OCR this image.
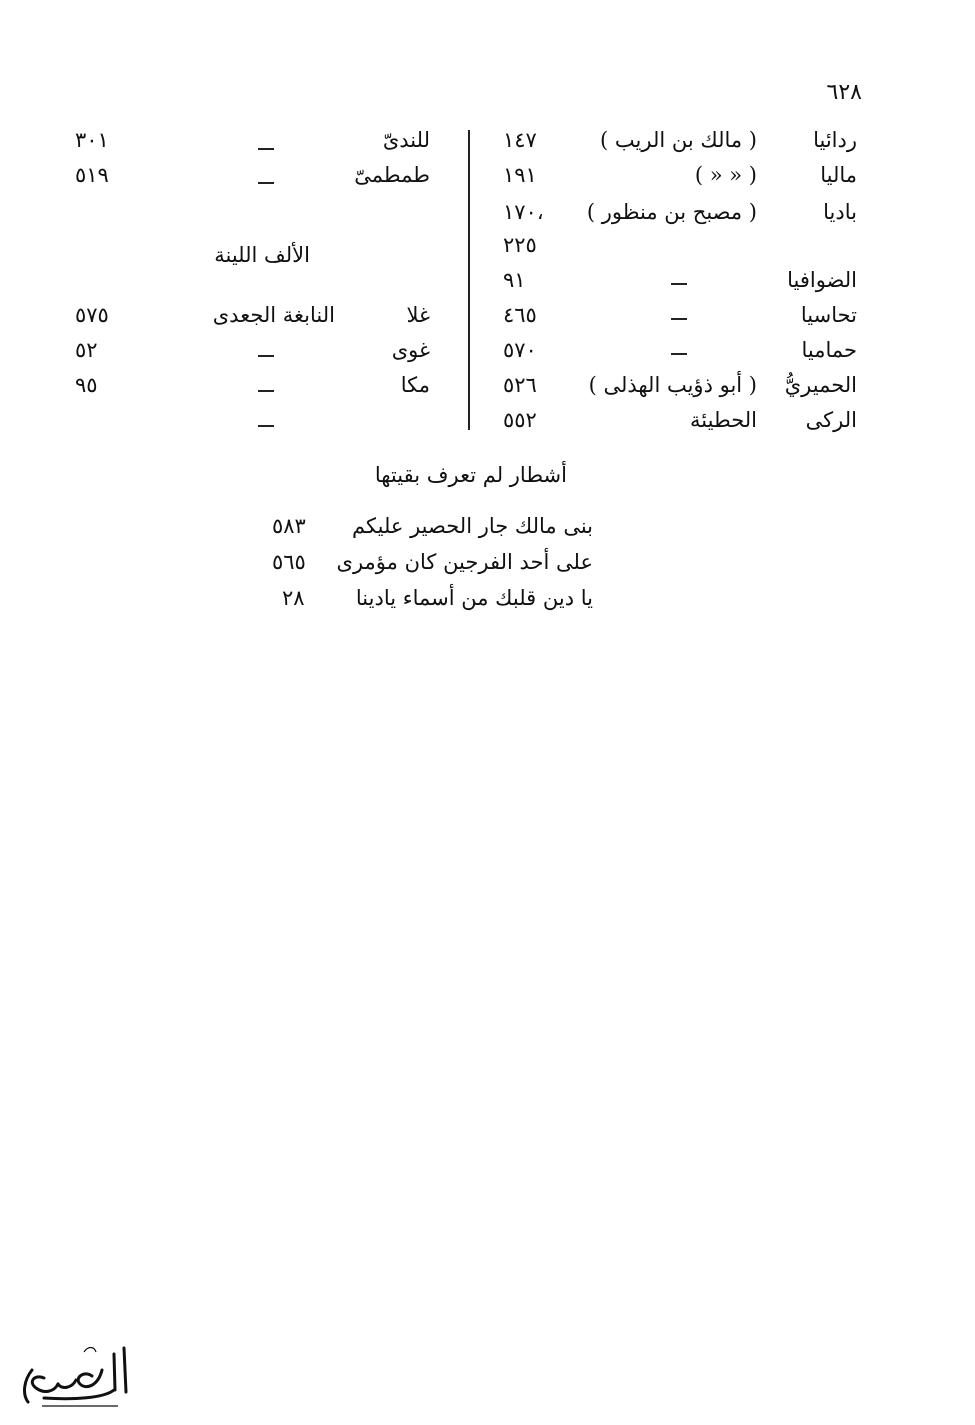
٦٢٨
ردائيا
( مالك بن الريب )
١٤٧
ماليا
( « « )
١٩١
باديا
( مصبح بن منظور )
١٧٠،
٢٢٥
الضوافيا
٩١
تحاسيا
٤٦٥
حماميا
٥٧٠
الحميريُّ
( أبو ذؤيب الهذلى )
٥٢٦
الركى
الحطيئة
٥٥٢
للندىّ
٣٠١
طمطمىّ
٥١٩
الألف اللينة
غلا
النابغة الجعدى
٥٧٥
غوى
٥٢
مكا
٩٥
أشطار لم تعرف بقيتها
بنى مالك جار الحصير عليكم
٥٨٣
على أحد الفرجين كان مؤمرى
٥٦٥
يا دين قلبك من أسماء يادينا
٢٨
